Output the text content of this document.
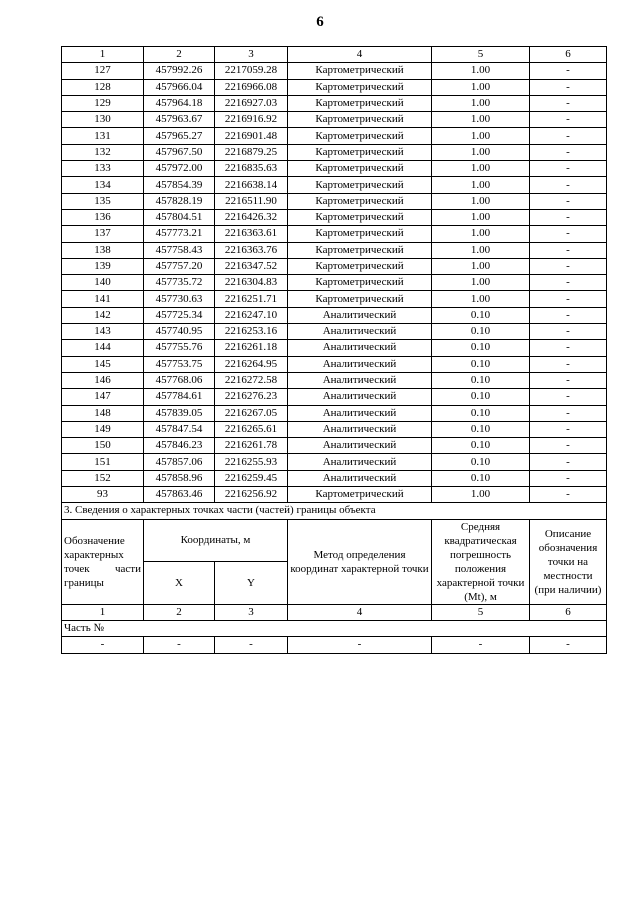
6
1	2	3	4	5	6
127	457992.26	2217059.28	Картометрический	1.00	-
128	457966.04	2216966.08	Картометрический	1.00	-
129	457964.18	2216927.03	Картометрический	1.00	-
130	457963.67	2216916.92	Картометрический	1.00	-
131	457965.27	2216901.48	Картометрический	1.00	-
132	457967.50	2216879.25	Картометрический	1.00	-
133	457972.00	2216835.63	Картометрический	1.00	-
134	457854.39	2216638.14	Картометрический	1.00	-
135	457828.19	2216511.90	Картометрический	1.00	-
136	457804.51	2216426.32	Картометрический	1.00	-
137	457773.21	2216363.61	Картометрический	1.00	-
138	457758.43	2216363.76	Картометрический	1.00	-
139	457757.20	2216347.52	Картометрический	1.00	-
140	457735.72	2216304.83	Картометрический	1.00	-
141	457730.63	2216251.71	Картометрический	1.00	-
142	457725.34	2216247.10	Аналитический	0.10	-
143	457740.95	2216253.16	Аналитический	0.10	-
144	457755.76	2216261.18	Аналитический	0.10	-
145	457753.75	2216264.95	Аналитический	0.10	-
146	457768.06	2216272.58	Аналитический	0.10	-
147	457784.61	2216276.23	Аналитический	0.10	-
148	457839.05	2216267.05	Аналитический	0.10	-
149	457847.54	2216265.61	Аналитический	0.10	-
150	457846.23	2216261.78	Аналитический	0.10	-
151	457857.06	2216255.93	Аналитический	0.10	-
152	457858.96	2216259.45	Аналитический	0.10	-
93	457863.46	2216256.92	Картометрический	1.00	-
3. Сведения о характерных точках части (частей) границы объекта					
Обозначение характерных точек части границы	Координаты, м		Метод определения координат характерной точки	Средняя квадратическая погрешность положения характерной точки (Mt), м	Описание обозначения точки на местности (при наличии)
	X	Y			
1	2	3	4	5	6
Часть №					
-	-	-	-	-	-
